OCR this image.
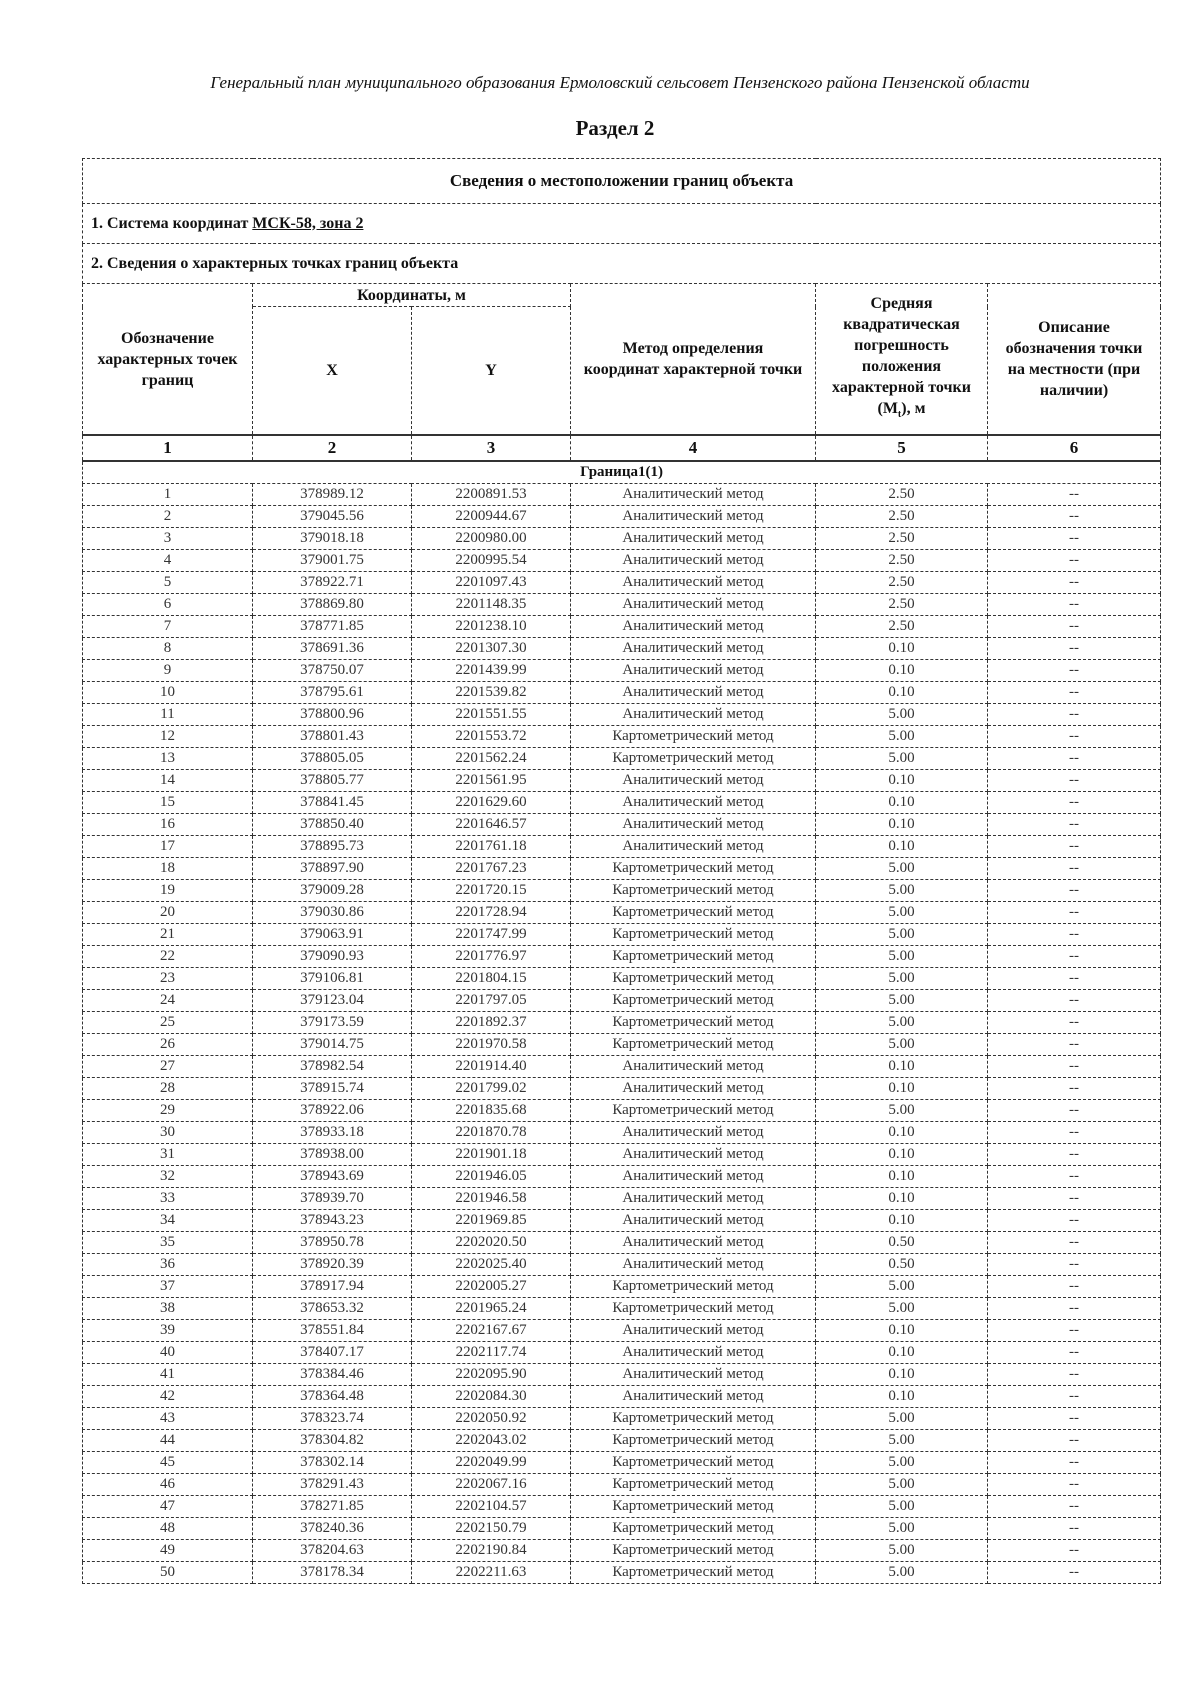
Генеральный план муниципального образования Ермоловский сельсовет Пензенского района Пензенской области
Раздел 2
Сведения о местоположении границ объекта					
1. Система координат МСК-58, зона 2					
2. Сведения о характерных точках границ объекта					
Обозначение характерных точек границ	Координаты, м		Метод определения координат характерной точки	Средняя квадратическая погрешность положения характерной точки $(M_t)$, м	Описание обозначения точки на местности (при наличии)
	X	Y			
1	2	3	4	5	6
Граница1(1)					
1	378989.12	2200891.53	Аналитический метод	2.50	--
2	379045.56	2200944.67	Аналитический метод	2.50	--
3	379018.18	2200980.00	Аналитический метод	2.50	--
4	379001.75	2200995.54	Аналитический метод	2.50	--
5	378922.71	2201097.43	Аналитический метод	2.50	--
6	378869.80	2201148.35	Аналитический метод	2.50	--
7	378771.85	2201238.10	Аналитический метод	2.50	--
8	378691.36	2201307.30	Аналитический метод	0.10	--
9	378750.07	2201439.99	Аналитический метод	0.10	--
10	378795.61	2201539.82	Аналитический метод	0.10	--
11	378800.96	2201551.55	Аналитический метод	5.00	--
12	378801.43	2201553.72	Картометрический метод	5.00	--
13	378805.05	2201562.24	Картометрический метод	5.00	--
14	378805.77	2201561.95	Аналитический метод	0.10	--
15	378841.45	2201629.60	Аналитический метод	0.10	--
16	378850.40	2201646.57	Аналитический метод	0.10	--
17	378895.73	2201761.18	Аналитический метод	0.10	--
18	378897.90	2201767.23	Картометрический метод	5.00	--
19	379009.28	2201720.15	Картометрический метод	5.00	--
20	379030.86	2201728.94	Картометрический метод	5.00	--
21	379063.91	2201747.99	Картометрический метод	5.00	--
22	379090.93	2201776.97	Картометрический метод	5.00	--
23	379106.81	2201804.15	Картометрический метод	5.00	--
24	379123.04	2201797.05	Картометрический метод	5.00	--
25	379173.59	2201892.37	Картометрический метод	5.00	--
26	379014.75	2201970.58	Картометрический метод	5.00	--
27	378982.54	2201914.40	Аналитический метод	0.10	--
28	378915.74	2201799.02	Аналитический метод	0.10	--
29	378922.06	2201835.68	Картометрический метод	5.00	--
30	378933.18	2201870.78	Аналитический метод	0.10	--
31	378938.00	2201901.18	Аналитический метод	0.10	--
32	378943.69	2201946.05	Аналитический метод	0.10	--
33	378939.70	2201946.58	Аналитический метод	0.10	--
34	378943.23	2201969.85	Аналитический метод	0.10	--
35	378950.78	2202020.50	Аналитический метод	0.50	--
36	378920.39	2202025.40	Аналитический метод	0.50	--
37	378917.94	2202005.27	Картометрический метод	5.00	--
38	378653.32	2201965.24	Картометрический метод	5.00	--
39	378551.84	2202167.67	Аналитический метод	0.10	--
40	378407.17	2202117.74	Аналитический метод	0.10	--
41	378384.46	2202095.90	Аналитический метод	0.10	--
42	378364.48	2202084.30	Аналитический метод	0.10	--
43	378323.74	2202050.92	Картометрический метод	5.00	--
44	378304.82	2202043.02	Картометрический метод	5.00	--
45	378302.14	2202049.99	Картометрический метод	5.00	--
46	378291.43	2202067.16	Картометрический метод	5.00	--
47	378271.85	2202104.57	Картометрический метод	5.00	--
48	378240.36	2202150.79	Картометрический метод	5.00	--
49	378204.63	2202190.84	Картометрический метод	5.00	--
50	378178.34	2202211.63	Картометрический метод	5.00	--
